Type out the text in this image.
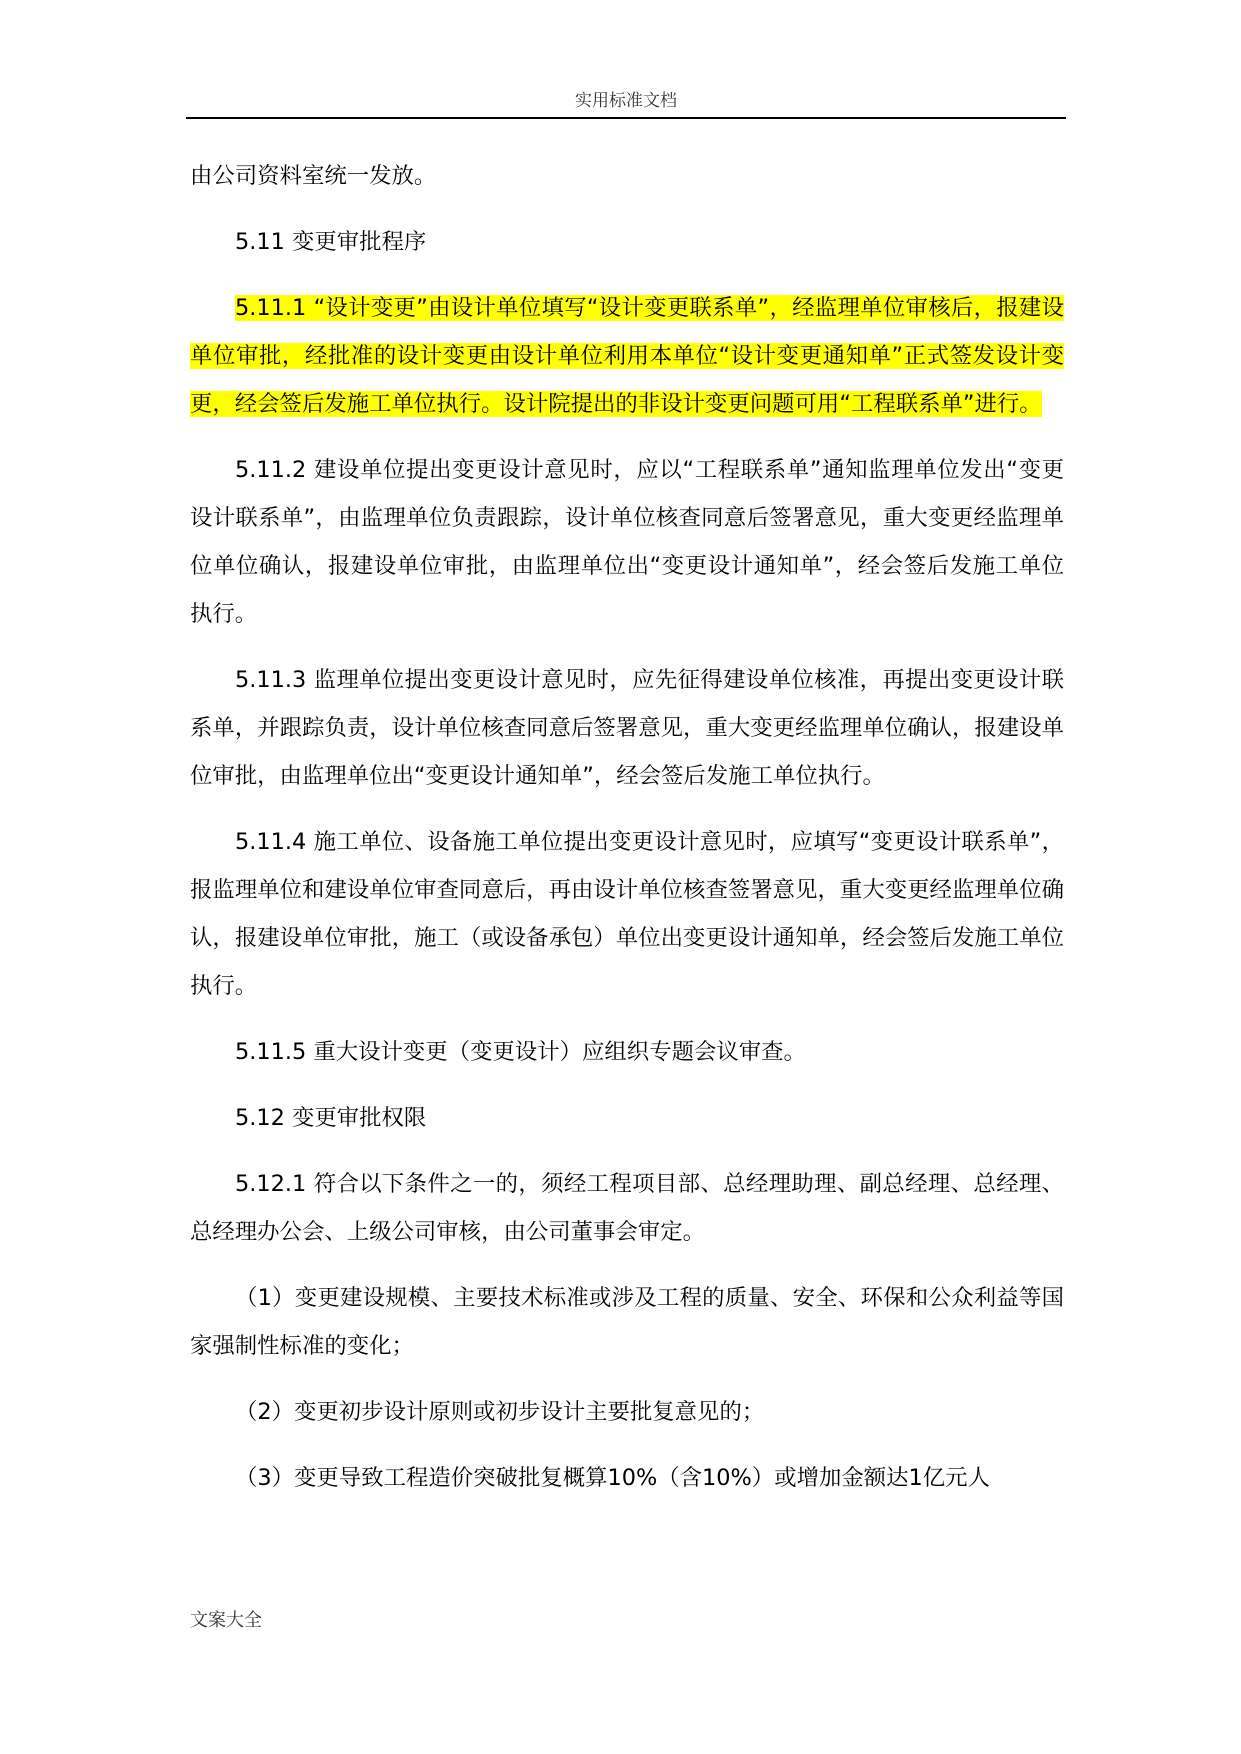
实用标准文档

由公司资料室统一发放。

5.11 变更审批程序

5.11.1 “设计变更”由设计单位填写“设计变更联系单”，经监理单位审核后，报建设单位审批，经批准的设计变更由设计单位利用本单位“设计变更通知单”正式签发设计变更，经会签后发施工单位执行。设计院提出的非设计变更问题可用“工程联系单”进行。

5.11.2 建设单位提出变更设计意见时，应以“工程联系单”通知监理单位发出“变更设计联系单”，由监理单位负责跟踪，设计单位核查同意后签署意见，重大变更经监理单位单位确认，报建设单位审批，由监理单位出“变更设计通知单”，经会签后发施工单位执行。

5.11.3 监理单位提出变更设计意见时，应先征得建设单位核准，再提出变更设计联系单，并跟踪负责，设计单位核查同意后签署意见，重大变更经监理单位确认，报建设单位审批，由监理单位出“变更设计通知单”，经会签后发施工单位执行。

5.11.4 施工单位、设备施工单位提出变更设计意见时，应填写“变更设计联系单”，报监理单位和建设单位审查同意后，再由设计单位核查签署意见，重大变更经监理单位确认，报建设单位审批，施工（或设备承包）单位出变更设计通知单，经会签后发施工单位执行。

5.11.5 重大设计变更（变更设计）应组织专题会议审查。

5.12 变更审批权限

5.12.1 符合以下条件之一的，须经工程项目部、总经理助理、副总经理、总经理、总经理办公会、上级公司审核，由公司董事会审定。

（1）变更建设规模、主要技术标准或涉及工程的质量、安全、环保和公众利益等国家强制性标准的变化；

（2）变更初步设计原则或初步设计主要批复意见的；

（3）变更导致工程造价突破批复概算10%（含10%）或增加金额达1亿元人

文案大全
